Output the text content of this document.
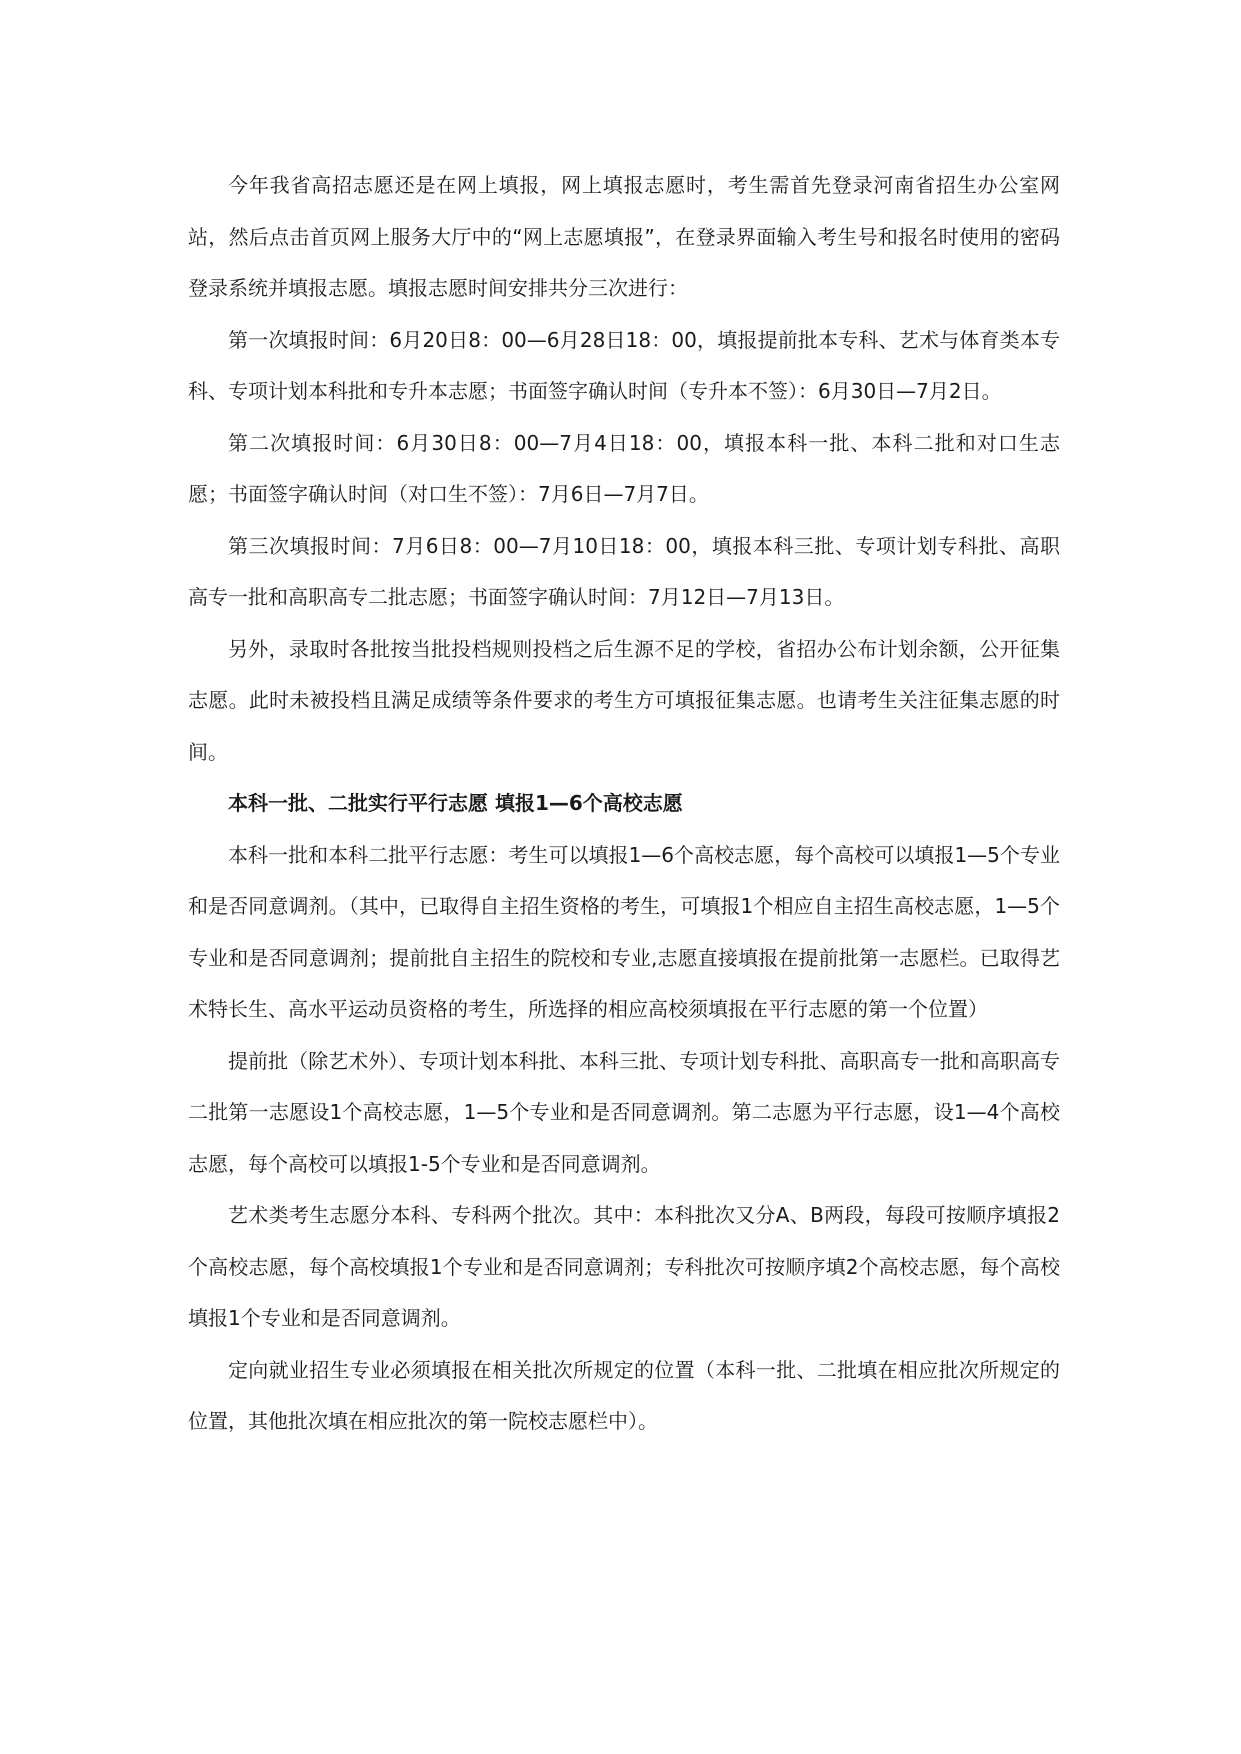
今年我省高招志愿还是在网上填报，网上填报志愿时，考生需首先登录河南省招生办公室网站，然后点击首页网上服务大厅中的“网上志愿填报”，在登录界面输入考生号和报名时使用的密码登录系统并填报志愿。填报志愿时间安排共分三次进行：

第一次填报时间：6月20日8：00—6月28日18：00，填报提前批本专科、艺术与体育类本专科、专项计划本科批和专升本志愿；书面签字确认时间（专升本不签）：6月30日—7月2日。

第二次填报时间：6月30日8：00—7月4日18：00，填报本科一批、本科二批和对口生志愿；书面签字确认时间（对口生不签）：7月6日—7月7日。

第三次填报时间：7月6日8：00—7月10日18：00，填报本科三批、专项计划专科批、高职高专一批和高职高专二批志愿；书面签字确认时间：7月12日—7月13日。

另外，录取时各批按当批投档规则投档之后生源不足的学校，省招办公布计划余额，公开征集志愿。此时未被投档且满足成绩等条件要求的考生方可填报征集志愿。也请考生关注征集志愿的时间。

本科一批、二批实行平行志愿 填报1—6个高校志愿

本科一批和本科二批平行志愿：考生可以填报1—6个高校志愿，每个高校可以填报1—5个专业和是否同意调剂。（其中，已取得自主招生资格的考生，可填报1个相应自主招生高校志愿，1—5个专业和是否同意调剂；提前批自主招生的院校和专业,志愿直接填报在提前批第一志愿栏。已取得艺术特长生、高水平运动员资格的考生，所选择的相应高校须填报在平行志愿的第一个位置）

提前批（除艺术外）、专项计划本科批、本科三批、专项计划专科批、高职高专一批和高职高专二批第一志愿设1个高校志愿，1—5个专业和是否同意调剂。第二志愿为平行志愿，设1—4个高校志愿，每个高校可以填报1-5个专业和是否同意调剂。

艺术类考生志愿分本科、专科两个批次。其中：本科批次又分A、B两段，每段可按顺序填报2个高校志愿，每个高校填报1个专业和是否同意调剂；专科批次可按顺序填2个高校志愿，每个高校填报1个专业和是否同意调剂。

定向就业招生专业必须填报在相关批次所规定的位置（本科一批、二批填在相应批次所规定的位置，其他批次填在相应批次的第一院校志愿栏中）。
